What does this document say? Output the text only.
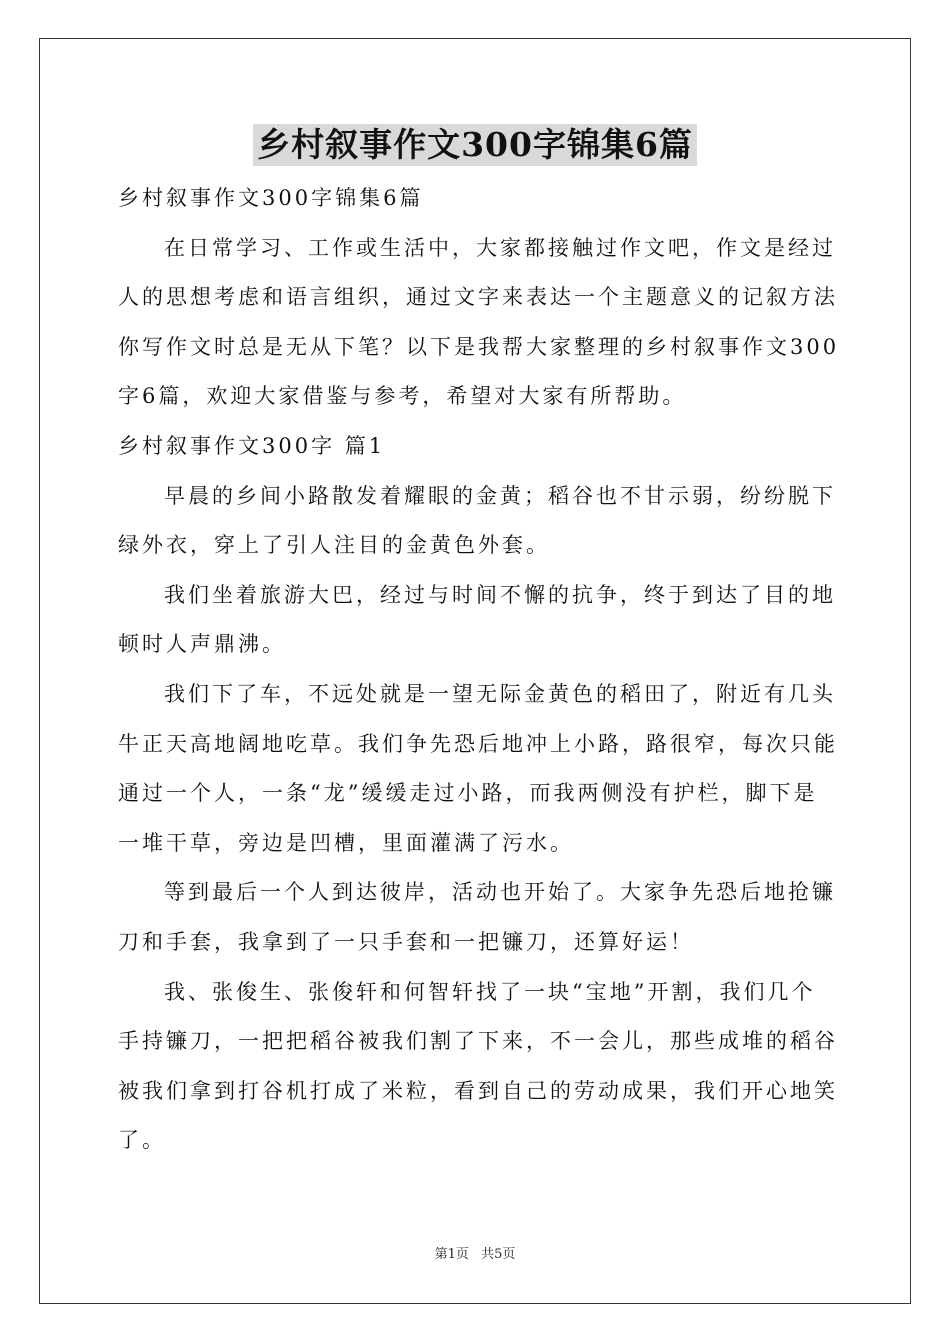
乡村叙事作文300字锦集6篇

乡村叙事作文300字锦集6篇

在日常学习、工作或生活中，大家都接触过作文吧，作文是经过

人的思想考虑和语言组织，通过文字来表达一个主题意义的记叙方法

你写作文时总是无从下笔？以下是我帮大家整理的乡村叙事作文300

字6篇，欢迎大家借鉴与参考，希望对大家有所帮助。

乡村叙事作文300字 篇1

早晨的乡间小路散发着耀眼的金黄；稻谷也不甘示弱，纷纷脱下

绿外衣，穿上了引人注目的金黄色外套。

我们坐着旅游大巴，经过与时间不懈的抗争，终于到达了目的地

顿时人声鼎沸。

我们下了车，不远处就是一望无际金黄色的稻田了，附近有几头

牛正天高地阔地吃草。我们争先恐后地冲上小路，路很窄，每次只能

通过一个人，一条“龙”缓缓走过小路，而我两侧没有护栏，脚下是

一堆干草，旁边是凹槽，里面灌满了污水。

等到最后一个人到达彼岸，活动也开始了。大家争先恐后地抢镰

刀和手套，我拿到了一只手套和一把镰刀，还算好运！

我、张俊生、张俊轩和何智轩找了一块“宝地”开割，我们几个

手持镰刀，一把把稻谷被我们割了下来，不一会儿，那些成堆的稻谷

被我们拿到打谷机打成了米粒，看到自己的劳动成果，我们开心地笑

了。

第1页 共5页
